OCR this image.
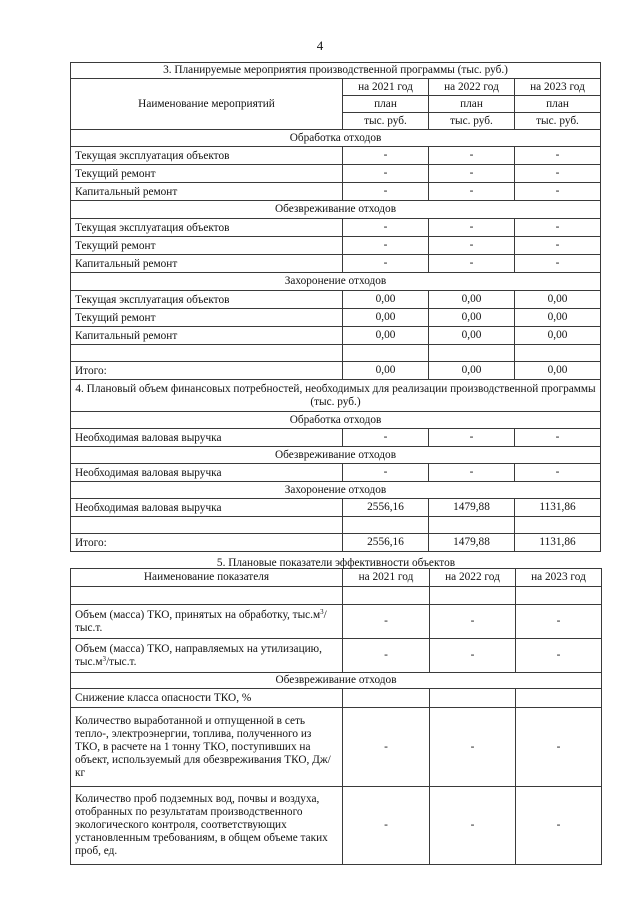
4
3. Планируемые мероприятия производственной программы (тыс. руб.)			
Наименование мероприятий	на 2021 год	на 2022 год	на 2023 год
	план	план	план
	тыс. руб.	тыс. руб.	тыс. руб.
Обработка отходов			
Текущая эксплуатация объектов	-	-	-
Текущий ремонт	-	-	-
Капитальный ремонт	-	-	-
Обезвреживание отходов			
Текущая эксплуатация объектов	-	-	-
Текущий ремонт	-	-	-
Капитальный ремонт	-	-	-
Захоронение отходов			
Текущая эксплуатация объектов	0,00	0,00	0,00
Текущий ремонт	0,00	0,00	0,00
Капитальный ремонт	0,00	0,00	0,00

Итого:	0,00	0,00	0,00
4. Плановый объем финансовых потребностей, необходимых для реализации производственной программы (тыс. руб.)			
Обработка отходов			
Необходимая валовая выручка	-	-	-
Обезвреживание отходов			
Необходимая валовая выручка	-	-	-
Захоронение отходов			
Необходимая валовая выручка	2556,16	1479,88	1131,86

Итого:	2556,16	1479,88	1131,86
5. Плановые показатели эффективности объектов			

Наименование показателя	на 2021 год	на 2022 год	на 2023 год

Объем (масса) ТКО, принятых на обработку, $тыс.м^3/тыс.т$.	-	-	-
Объем (масса) ТКО, направляемых на утилизацию, $тыс.м^3/тыс.т$.	-	-	-
Обезвреживание отходов			
Снижение класса опасности ТКО, %			
Количество выработанной и отпущенной в сеть тепло-, электроэнергии, топлива, полученного из ТКО, в расчете на 1 тонну ТКО, поступивших на объект, используемый для обезвреживания ТКО, Дж/кг	-	-	-
Количество проб подземных вод, почвы и воздуха, отобранных по результатам производственного экологического контроля, соответствующих установленным требованиям, в общем объеме таких проб, ед.	-	-	-
